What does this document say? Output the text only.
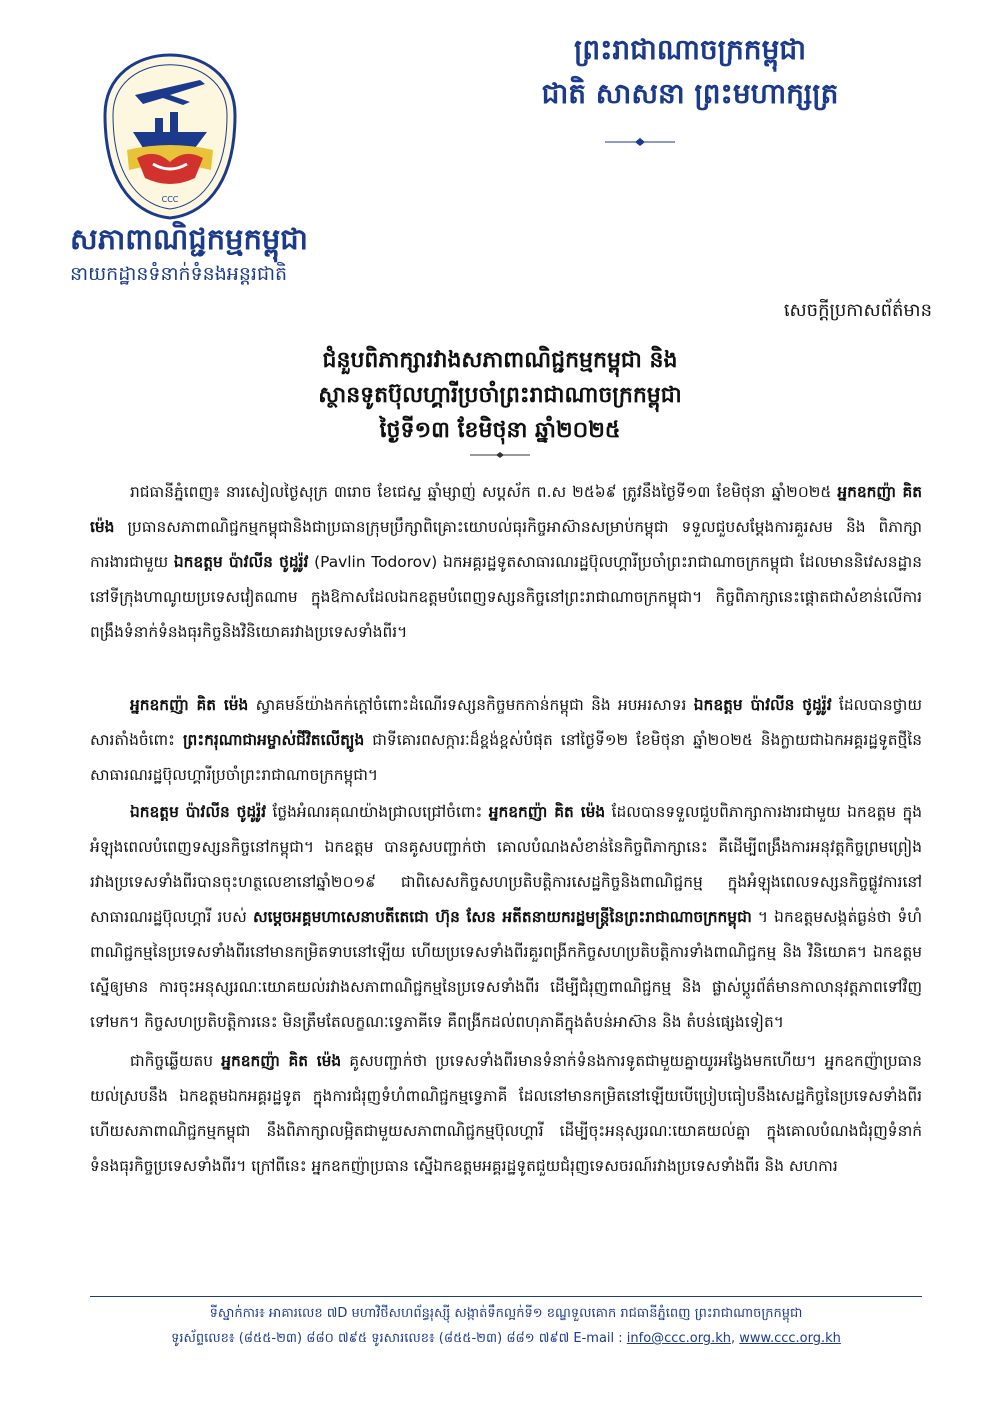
CCC
សភាពាណិជ្ជកម្មកម្ពុជា
នាយកដ្ឋានទំនាក់ទំនងអន្តរជាតិ
ព្រះរាជាណាចក្រកម្ពុជា
ជាតិ សាសនា ព្រះមហាក្សត្រ
សេចក្តីប្រកាសព័ត៌មាន
ជំនួបពិភាក្សារវាងសភាពាណិជ្ជកម្មកម្ពុជា និង
ស្ថានទូតប៊ុលហ្គារីប្រចាំព្រះរាជាណាចក្រកម្ពុជា
ថ្ងៃទី១៣ ខែមិថុនា ឆ្នាំ២០២៥

រាជធានីភ្នំពេញ៖ នារសៀលថ្ងៃសុក្រ ៣រោច ខែជេស្ឋ ឆ្នាំម្សាញ់ សប្តស័ក ព.ស ២៥៦៩ ត្រូវនឹងថ្ងៃទី១៣ ខែមិថុនា ឆ្នាំ២០២៥ អ្នកឧកញ៉ា គិត ម៉េង ប្រធានសភាពាណិជ្ជកម្មកម្ពុជានិងជាប្រធានក្រុមប្រឹក្សាពិគ្រោះយោបល់ធុរកិច្ចអាស៊ានសម្រាប់កម្ពុជា ទទួលជួបសម្តែងការគួរសម និង ពិភាក្សាការងារជាមួយ ឯកឧត្តម ប៉ាវលីន ថូដូរ៉ូវ (Pavlin Todorov) ឯកអគ្គរដ្ឋទូតសាធារណរដ្ឋប៊ុលហ្គារីប្រចាំព្រះរាជាណាចក្រកម្ពុជា ដែលមាននិវេសនដ្ឋាននៅទីក្រុងហាណូយប្រទេសវៀតណាម ក្នុងឱកាសដែលឯកឧត្តមបំពេញទស្សនកិច្ចនៅព្រះរាជាណាចក្រកម្ពុជា។ កិច្ចពិភាក្សានេះផ្តោតជាសំខាន់លើការពង្រឹងទំនាក់ទំនងធុរកិច្ចនិងវិនិយោគរវាងប្រទេសទាំងពីរ។

អ្នកឧកញ៉ា គិត ម៉េង ស្វាគមន៍យ៉ាងកក់ក្តៅចំពោះដំណើរទស្សនកិច្ចមកកាន់កម្ពុជា និង អបអរសាទរ ឯកឧត្តម ប៉ាវលីន ថូដូរ៉ូវ ដែលបានថ្វាយសារតាំងចំពោះ ព្រះករុណាជាអម្ចាស់ជីវិតលើត្បូង ជាទីគោរពសក្ការៈដ៏ខ្ពង់ខ្ពស់បំផុត នៅថ្ងៃទី១២ ខែមិថុនា ឆ្នាំ២០២៥ និងក្លាយជាឯកអគ្គរដ្ឋទូតថ្មីនៃសាធារណរដ្ឋប៊ុលហ្គារីប្រចាំព្រះរាជាណាចក្រកម្ពុជា។

ឯកឧត្តម ប៉ាវលីន ថូដូរ៉ូវ ថ្លែងអំណរគុណយ៉ាងជ្រាលជ្រៅចំពោះ អ្នកឧកញ៉ា គិត ម៉េង ដែលបានទទួលជួបពិភាក្សាការងារជាមួយ ឯកឧត្តម ក្នុងអំឡុងពេលបំពេញទស្សនកិច្ចនៅកម្ពុជា។ ឯកឧត្តម បានគូសបញ្ជាក់ថា គោលបំណងសំខាន់នៃកិច្ចពិភាក្សានេះ គឺដើម្បីពង្រឹងការអនុវត្តកិច្ចព្រមព្រៀងរវាងប្រទេសទាំងពីរបានចុះហត្ថលេខានៅឆ្នាំ២០១៩ ជាពិសេសកិច្ចសហប្រតិបត្តិការសេដ្ឋកិច្ចនិងពាណិជ្ជកម្ម ក្នុងអំឡុងពេលទស្សនកិច្ចផ្លូវការនៅសាធារណរដ្ឋប៊ុលហ្គារី របស់ សម្តេចអគ្គមហាសេនាបតីតេជោ ហ៊ុន សែន អតីតនាយករដ្ឋមន្ត្រីនៃព្រះរាជាណាចក្រកម្ពុជា ។ ឯកឧត្តមសង្កត់ធ្ងន់ថា ទំហំពាណិជ្ជកម្មនៃប្រទេសទាំងពីរនៅមានកម្រិតទាបនៅឡើយ ហើយប្រទេសទាំងពីរគួរពង្រីកកិច្ចសហប្រតិបត្តិការទាំងពាណិជ្ជកម្ម និង វិនិយោគ។ ឯកឧត្តម ស្នើឲ្យមាន ការចុះអនុស្សរណៈយោគយល់រវាងសភាពាណិជ្ជកម្មនៃប្រទេសទាំងពីរ ដើម្បីជំរុញពាណិជ្ជកម្ម និង ផ្លាស់ប្តូរព័ត៌មានកាលានុវត្តភាពទៅវិញទៅមក។ កិច្ចសហប្រតិបត្តិការនេះ មិនត្រឹមតែលក្ខណៈទ្វេភាគីទេ គឺពង្រីកដល់ពហុភាគីក្នុងតំបន់អាស៊ាន និង តំបន់ផ្សេងទៀត។

ជាកិច្ចឆ្លើយតប អ្នកឧកញ៉ា គិត ម៉េង គូសបញ្ជាក់ថា ប្រទេសទាំងពីរមានទំនាក់ទំនងការទូតជាមួយគ្នាយូរអង្វែងមកហើយ។ អ្នកឧកញ៉ាប្រធាន យល់ស្របនឹង ឯកឧត្តមឯកអគ្គរដ្ឋទូត ក្នុងការជំរុញទំហំពាណិជ្ជកម្មទ្វេភាគី ដែលនៅមានកម្រិតនៅឡើយបើប្រៀបធៀបនឹងសេដ្ឋកិច្ចនៃប្រទេសទាំងពីរ ហើយសភាពាណិជ្ជកម្មកម្ពុជា នឹងពិភាក្សាលម្អិតជាមួយសភាពាណិជ្ជកម្មប៊ុលហ្គារី ដើម្បីចុះអនុស្សរណៈយោគយល់គ្នា ក្នុងគោលបំណងជំរុញទំនាក់ទំនងធុរកិច្ចប្រទេសទាំងពីរ។ ក្រៅពីនេះ អ្នកឧកញ៉ាប្រធាន ស្នើឯកឧត្តមអគ្គរដ្ឋទូតជួយជំរុញទេសចរណ៍រវាងប្រទេសទាំងពីរ និង សហការ

ទីស្នាក់ការ៖ អាគារលេខ ៧D មហាវិថីសហព័ន្ធរុស្ស៊ី សង្កាត់ទឹកល្អក់ទី១ ខណ្ឌទួលគោក រាជធានីភ្នំពេញ ព្រះរាជាណាចក្រកម្ពុជា
ទូរស័ព្ទលេខ៖ (៨៥៥-២៣) ៨៨០ ៧៩៥ ទូរសារលេខ៖ (៨៥៥-២៣) ៨៨១ ៧៩៧ E-mail : info@ccc.org.kh, www.ccc.org.kh
